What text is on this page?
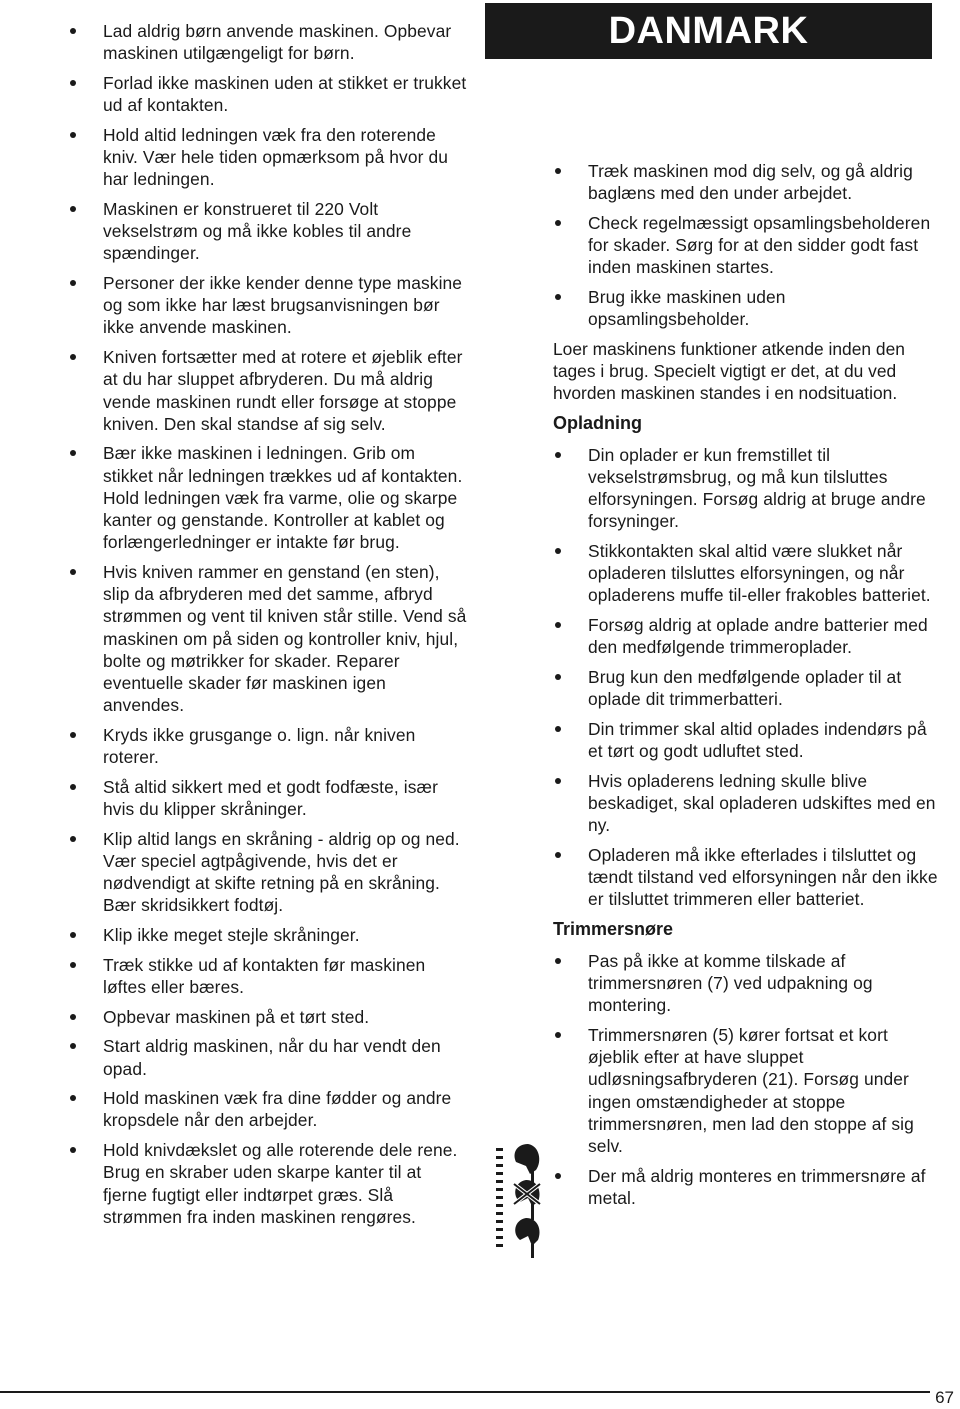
DANMARK
Lad aldrig børn anvende maskinen. Opbevar maskinen utilgængeligt for børn.
Forlad ikke maskinen uden at stikket er trukket ud af kontakten.
Hold altid ledningen væk fra den roterende kniv. Vær hele tiden opmærksom på hvor du har ledningen.
Maskinen er konstrueret til 220 Volt vekselstrøm og må ikke kobles til andre spændinger.
Personer der ikke kender denne type maskine og som ikke har læst brugsanvisningen bør ikke anvende maskinen.
Kniven fortsætter med at rotere et øjeblik efter at du har sluppet afbryderen. Du må aldrig vende maskinen rundt eller forsøge at stoppe kniven. Den skal standse af sig selv.
Bær ikke maskinen i ledningen. Grib om stikket når ledningen trækkes ud af kontakten. Hold ledningen væk fra varme, olie og skarpe kanter og genstande. Kontroller at kablet og forlængerledninger er intakte før brug.
Hvis kniven rammer en genstand (en sten), slip da afbryderen med det samme, afbryd strømmen og vent til kniven står stille. Vend så maskinen om på siden og kontroller kniv, hjul, bolte og møtrikker for skader. Reparer eventuelle skader før maskinen igen anvendes.
Kryds ikke grusgange o. lign. når kniven roterer.
Stå altid sikkert med et godt fodfæste, især hvis du klipper skråninger.
Klip altid langs en skråning - aldrig op og ned. Vær speciel agtpågivende, hvis det er nødvendigt at skifte retning på en skråning. Bær skridsikkert fodtøj.
Klip ikke meget stejle skråninger.
Træk stikke ud af kontakten før maskinen løftes eller bæres.
Opbevar maskinen på et tørt sted.
Start aldrig maskinen, når du har vendt den opad.
Hold maskinen væk fra dine fødder og andre kropsdele når den arbejder.
Hold knivdækslet og alle roterende dele rene. Brug en skraber uden skarpe kanter til at fjerne fugtigt eller indtørpet græs. Slå strømmen fra inden maskinen rengøres.
Træk maskinen mod dig selv, og gå aldrig baglæns med den under arbejdet.
Check regelmæssigt opsamlingsbeholderen for skader. Sørg for at den sidder godt fast inden maskinen startes.
Brug ikke maskinen uden opsamlingsbeholder.

Loer maskinens funktioner atkende inden den tages i brug. Specielt vigtigt er det, at du ved hvorden maskinen standes i en nodsituation.

Opladning
Din oplader er kun fremstillet til vekselstrømsbrug, og må kun tilsluttes elforsyningen. Forsøg aldrig at bruge andre forsyninger.
Stikkontakten skal altid være slukket når opladeren tilsluttes elforsyningen, og når opladerens muffe til-eller frakobles batteriet.
Forsøg aldrig at oplade andre batterier med den medfølgende trimmeroplader.
Brug kun den medfølgende oplader til at oplade dit trimmerbatteri.
Din trimmer skal altid oplades indendørs på et tørt og godt udluftet sted.
Hvis opladerens ledning skulle blive beskadiget, skal opladeren udskiftes med en ny.
Opladeren må ikke efterlades i tilsluttet og tændt tilstand ved elforsyningen når den ikke er tilsluttet trimmeren eller batteriet.
Trimmersnøre
Pas på ikke at komme tilskade af trimmersnøren (7) ved udpakning og montering.
Trimmersnøren (5) kører fortsat et kort øjeblik efter at have sluppet udløsningsafbryderen (21). Forsøg under ingen omstændigheder at stoppe trimmersnøren, men lad den stoppe af sig selv.
Der må aldrig monteres en trimmersnøre af metal.
67
